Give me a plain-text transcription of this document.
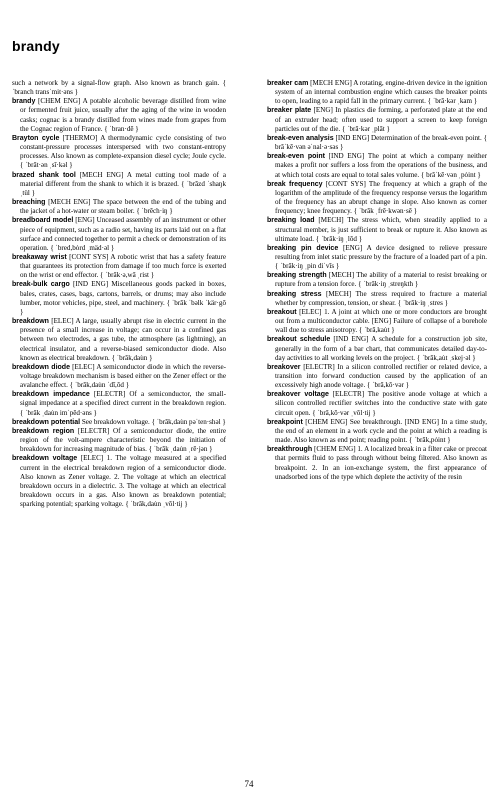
brandy

such a network by a signal-flow graph. Also known as branch gain. { ˈbranch transˈmit·əns }

brandy [CHEM ENG] A potable alcoholic beverage distilled from wine or fermented fruit juice, usually after the aging of the wine in wooden casks; cognac is a brandy distilled from wines made from grapes from the Cognac region of France. { ˈbran·dē }

Brayton cycle [THERMO] A thermodynamic cycle consisting of two constant-pressure processes interspersed with two constant-entropy processes. Also known as complete-expansion diesel cycle; Joule cycle. { ˈbrāt·ən ˌsī·kəl }

brazed shank tool [MECH ENG] A metal cutting tool made of a material different from the shank to which it is brazed. { ˈbrāzd ˈshaŋk ˌtül }

breaching [MECH ENG] The space between the end of the tubing and the jacket of a hot-water or steam boiler. { ˈbrēch·iŋ }

breadboard model [ENG] Unceased assembly of an instrument or other piece of equipment, such as a radio set, having its parts laid out on a flat surface and connected together to permit a check or demonstration of its operation. { ˈbred,bȯrd ˌmäd·əl }

breakaway wrist [CONT SYS] A robotic wrist that has a safety feature that guarantees its protection from damage if too much force is exerted on the wrist or end effector. { ˈbrāk·ə,wā ˌrist }

break-bulk cargo [IND ENG] Miscellaneous goods packed in boxes, bales, crates, cases, bags, cartons, barrels, or drums; may also include lumber, motor vehicles, pipe, steel, and machinery. { ˈbrāk ˈbəlk ˈkär·gō }

breakdown [ELEC] A large, usually abrupt rise in electric current in the presence of a small increase in voltage; can occur in a confined gas between two electrodes, a gas tube, the atmosphere (as lightning), an electrical insulator, and a reverse-biased semiconductor diode. Also known as electrical breakdown. { ˈbrāk,dau̇n }

breakdown diode [ELEC] A semiconductor diode in which the reverse-voltage breakdown mechanism is based either on the Zener effect or the avalanche effect. { ˈbrāk,dau̇n ˈdī,ōd }

breakdown impedance [ELECTR] Of a semiconductor, the small-signal impedance at a specified direct current in the breakdown region. { ˈbrāk ˌdau̇n imˈpēd·əns }

breakdown potential See breakdown voltage. { ˈbrāk,dau̇n pəˈten·shəl }

breakdown region [ELECTR] Of a semiconductor diode, the entire region of the volt-ampere characteristic beyond the initiation of breakdown for increasing magnitude of bias. { ˈbrāk ˌdau̇n ˌrē·jən }

breakdown voltage [ELEC] 1. The voltage measured at a specified current in the electrical breakdown region of a semiconductor diode. Also known as Zener voltage. 2. The voltage at which an electrical breakdown occurs in a dielectric. 3. The voltage at which an electrical breakdown occurs in a gas. Also known as breakdown potential; sparking potential; sparking voltage. { ˈbrāk,dau̇n ˌvōl·tij }

breaker cam [MECH ENG] A rotating, engine-driven device in the ignition system of an internal combustion engine which causes the breaker points to open, leading to a rapid fall in the primary current. { ˈbrā·kər ˌkam }

breaker plate [ENG] In plastics die forming, a perforated plate at the end of an extruder head; often used to support a screen to keep foreign particles out of the die. { ˈbrā·kər ˌplāt }

break-even analysis [IND ENG] Determination of the break-even point. { brāˈkē·vən əˈnal·ə·səs }

break-even point [IND ENG] The point at which a company neither makes a profit nor suffers a loss from the operations of the business, and at which total costs are equal to total sales volume. { brāˈkē·vən ˌpȯint }

break frequency [CONT SYS] The frequency at which a graph of the logarithm of the amplitude of the frequency response versus the logarithm of the frequency has an abrupt change in slope. Also known as corner frequency; knee frequency. { ˈbrāk ˌfrē·kwən·sē }

breaking load [MECH] The stress which, when steadily applied to a structural member, is just sufficient to break or rupture it. Also known as ultimate load. { ˈbrāk·iŋ ˌlōd }

breaking pin device [ENG] A device designed to relieve pressure resulting from inlet static pressure by the fracture of a loaded part of a pin. { ˈbrāk·iŋ ˌpin diˈvīs }

breaking strength [MECH] The ability of a material to resist breaking or rupture from a tension force. { ˈbrāk·iŋ ˌstreŋkth }

breaking stress [MECH] The stress required to fracture a material whether by compression, tension, or shear. { ˈbrāk·iŋ ˌstres }

breakout [ELEC] 1. A joint at which one or more conductors are brought out from a multiconductor cable. [ENG] Failure of collapse of a borehole wall due to stress anisotropy. { ˈbrā,kau̇t }

breakout schedule [IND ENG] A schedule for a construction job site, generally in the form of a bar chart, that communicates detailed day-to-day activities to all working levels on the project. { ˈbrāk,au̇t ˌskej·əl }

breakover [ELECTR] In a silicon controlled rectifier or related device, a transition into forward conduction caused by the application of an excessively high anode voltage. { ˈbrā,kō·vər }

breakover voltage [ELECTR] The positive anode voltage at which a silicon controlled rectifier switches into the conductive state with gate circuit open. { ˈbrā,kō·vər ˌvōl·tij }

breakpoint [CHEM ENG] See breakthrough. [IND ENG] In a time study, the end of an element in a work cycle and the point at which a reading is made. Also known as end point; reading point. { ˈbrāk,pȯint }

breakthrough [CHEM ENG] 1. A localized break in a filter cake or precoat that permits fluid to pass through without being filtered. Also known as breakpoint. 2. In an ion-exchange system, the first appearance of unadsorbed ions of the type which deplete the activity of the resin

74
